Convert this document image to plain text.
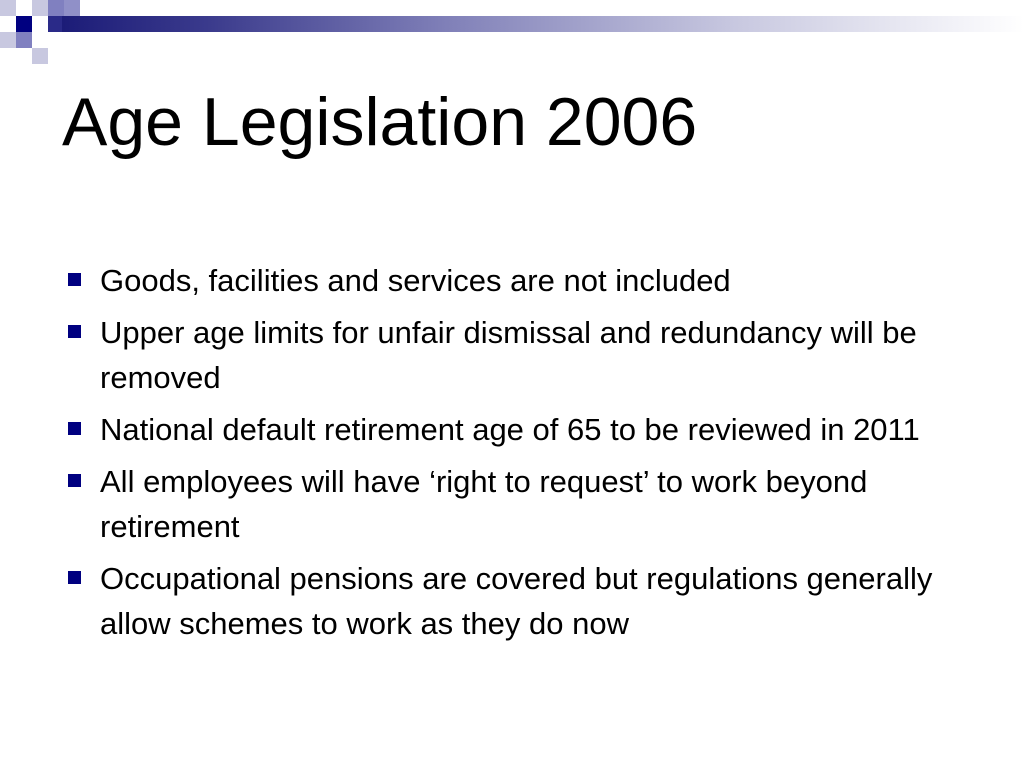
Age Legislation 2006
Goods, facilities and services are not included
Upper age limits for unfair dismissal and redundancy will be removed
National default retirement age of 65 to be reviewed in 2011
All employees will have ‘right to request’ to work beyond retirement
Occupational pensions are covered but regulations generally allow schemes to work as they do now
